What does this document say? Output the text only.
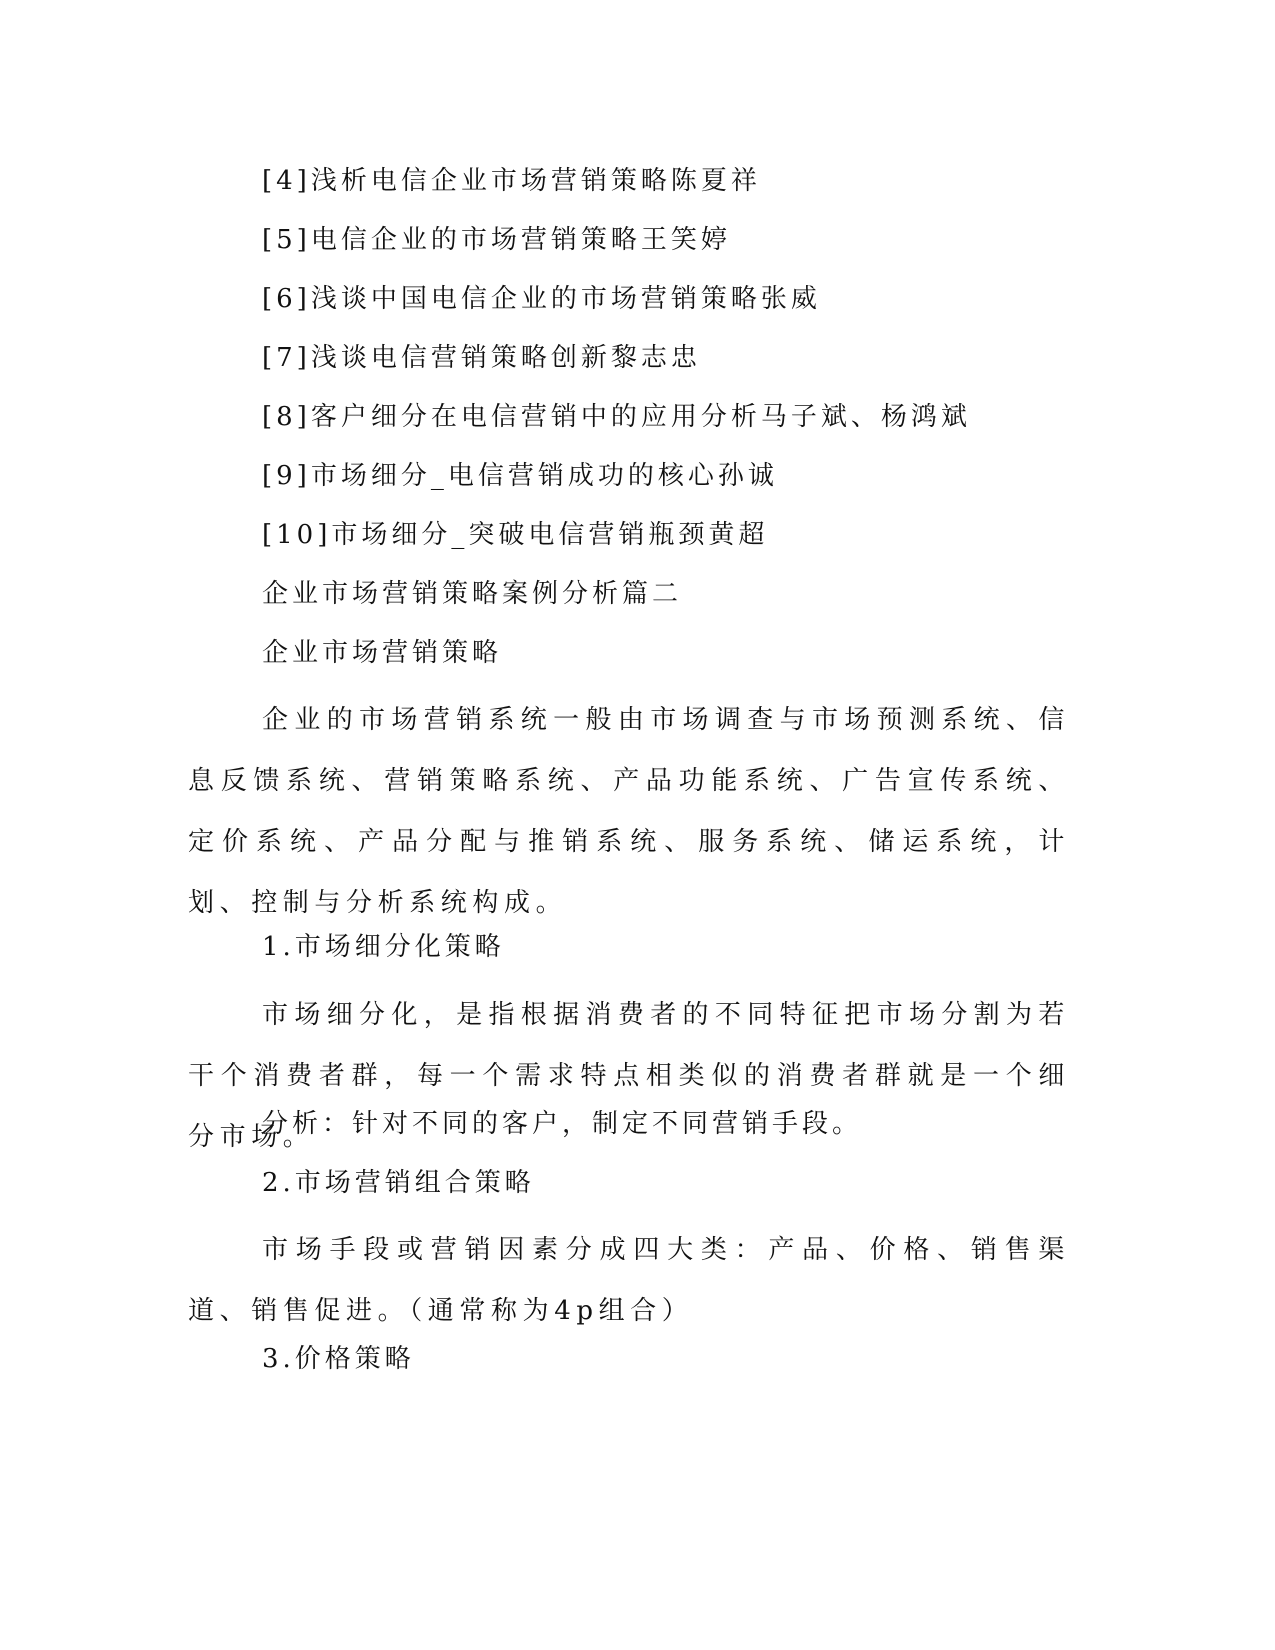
[4]浅析电信企业市场营销策略陈夏祥
[5]电信企业的市场营销策略王笑婷
[6]浅谈中国电信企业的市场营销策略张威
[7]浅谈电信营销策略创新黎志忠
[8]客户细分在电信营销中的应用分析马子斌、杨鸿斌
[9]市场细分_电信营销成功的核心孙诚
[10]市场细分_突破电信营销瓶颈黄超
企业市场营销策略案例分析篇二
企业市场营销策略

企业的市场营销系统一般由市场调查与市场预测系统、信息反馈系统、营销策略系统、产品功能系统、广告宣传系统、定价系统、产品分配与推销系统、服务系统、储运系统，计划、控制与分析系统构成。

1.市场细分化策略

市场细分化，是指根据消费者的不同特征把市场分割为若干个消费者群，每一个需求特点相类似的消费者群就是一个细分市场。

分析：针对不同的客户，制定不同营销手段。
2.市场营销组合策略

市场手段或营销因素分成四大类：产品、价格、销售渠道、销售促进。（通常称为4p组合）

3.价格策略
